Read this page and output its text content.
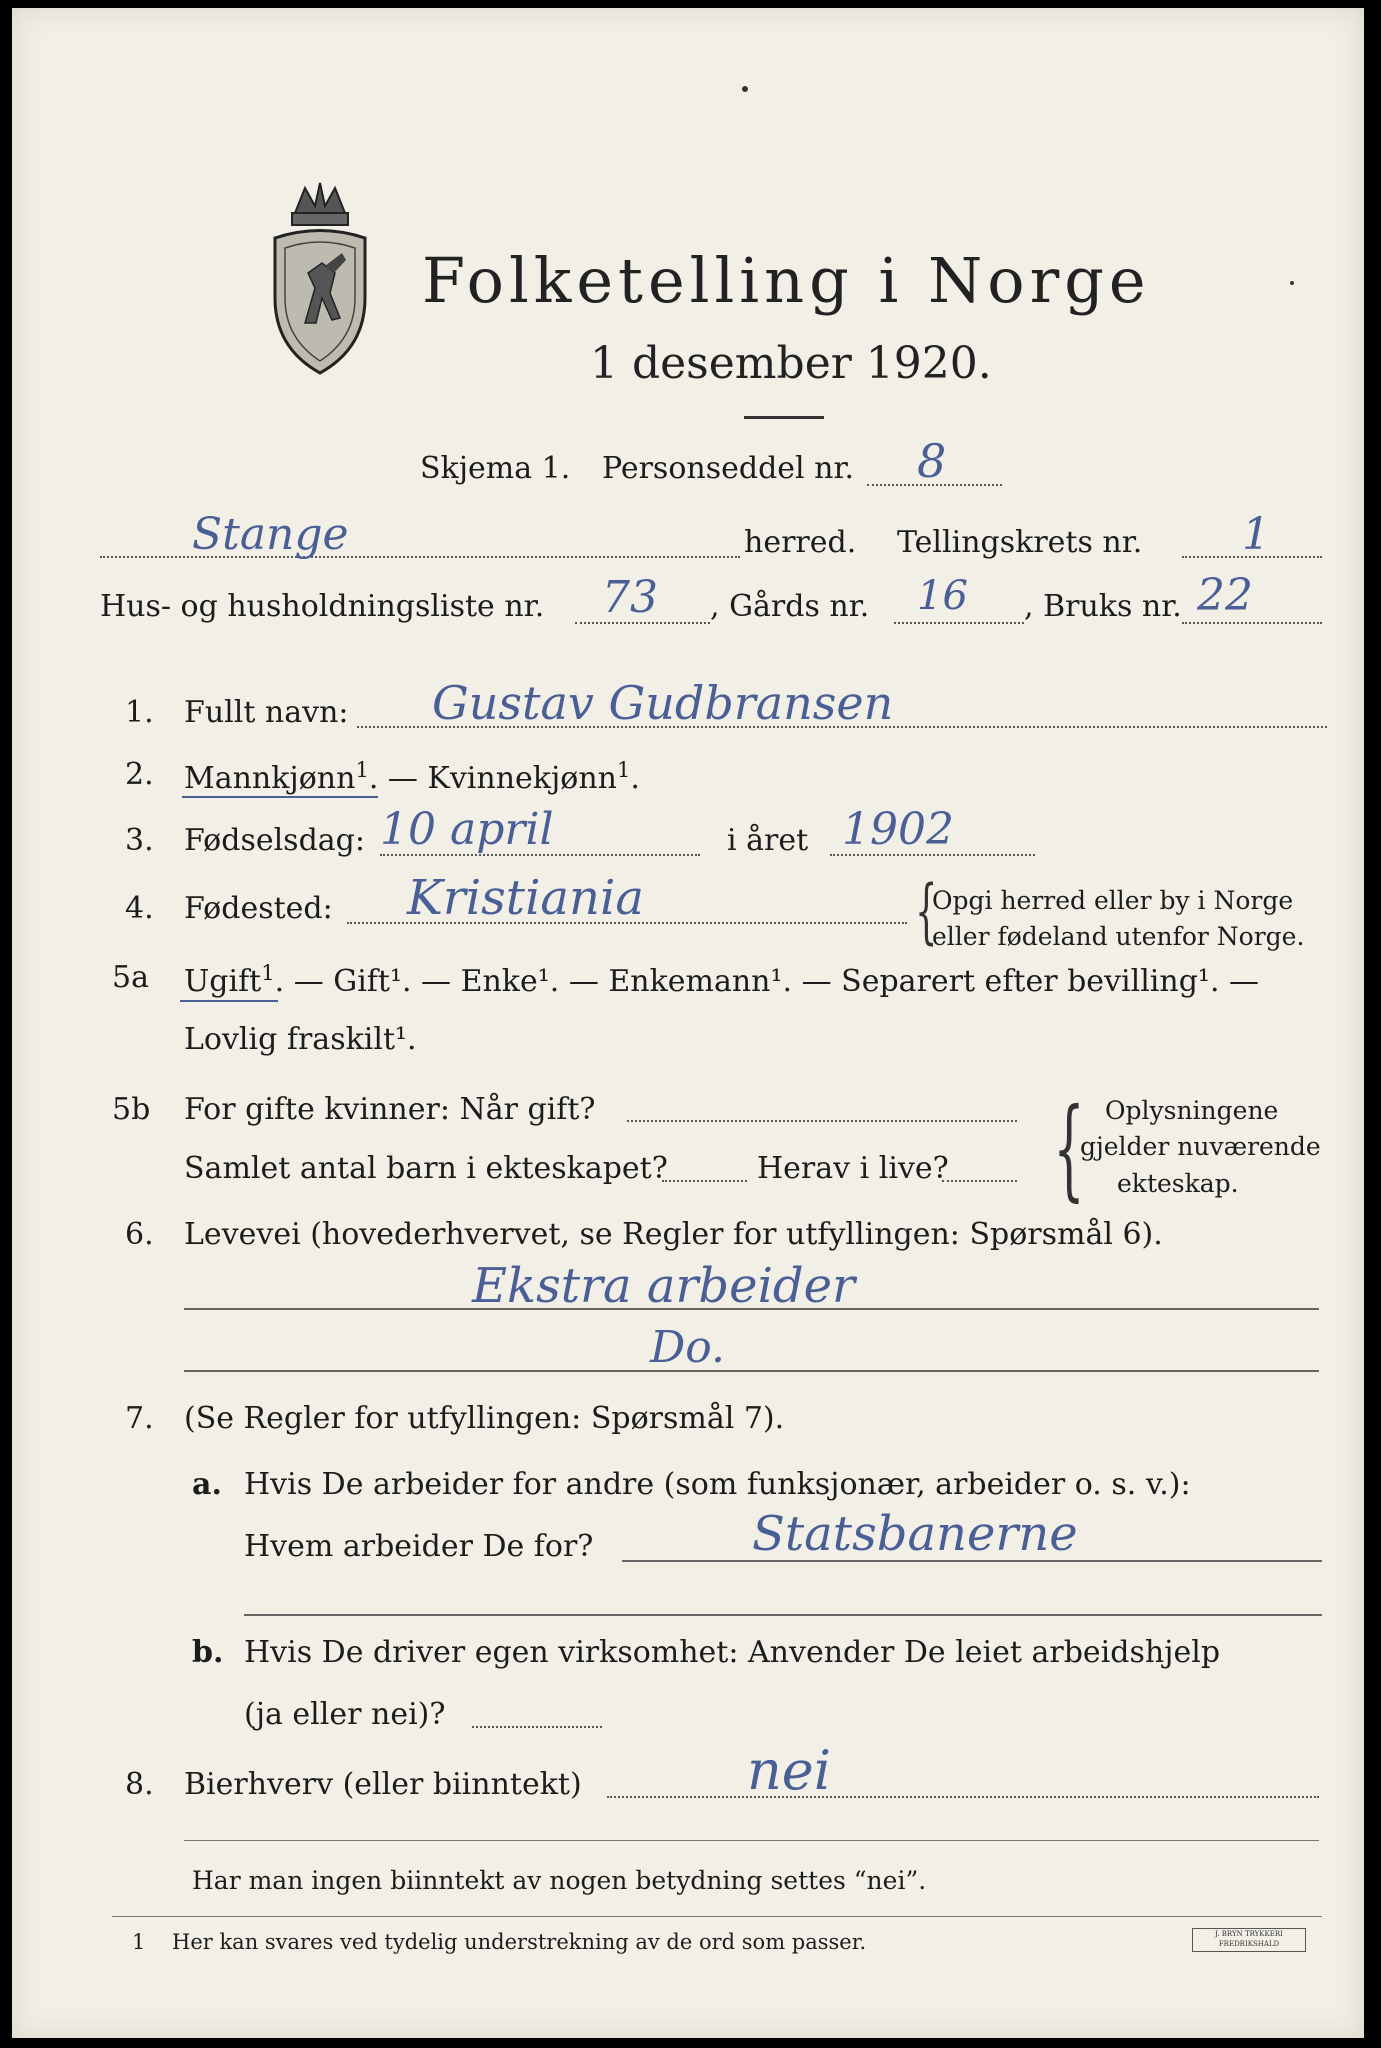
Folketelling i Norge
1 desember 1920.
Skjema 1. Personseddel nr. 8
Stange	herred. Tellingskrets nr. 1
Hus- og husholdningsliste nr. 73 , Gårds nr. 16 , Bruks nr. 22
1. Fullt navn: Gustav Gudbransen
2. Mannkjønn$^1$. — Kvinnekjønn$^1$.
3. Fødselsdag: 10 april	i året 1902
4. Fødested: Kristiania	{
Opgi herred eller by i Norge
eller fødeland utenfor Norge.
5a Ugift$^1$. — Gift¹. — Enke¹. — Enkemann¹. — Separert efter bevilling¹. —
Lovlig fraskilt¹.
5b For gifte kvinner: Når gift?
Samlet antal barn i ekteskapet?	Herav i live? { Oplysningene
gjelder nuværende
ekteskap.
6. Levevei (hovederhvervet, se Regler for utfyllingen: Spørsmål 6).
Ekstra arbeider
Do.
7. (Se Regler for utfyllingen: Spørsmål 7).
a. Hvis De arbeider for andre (som funksjonær, arbeider o. s. v.):
Hvem arbeider De for?	Statsbanerne
b. Hvis De driver egen virksomhet: Anvender De leiet arbeidshjelp
(ja eller nei)?
8. Bierhverv (eller biinntekt)	nei
Har man ingen biinntekt av nogen betydning settes “nei”.
1 Her kan svares ved tydelig understrekning av de ord som passer.	J. BRYN TRYKKERI
FREDRIKSHALD
